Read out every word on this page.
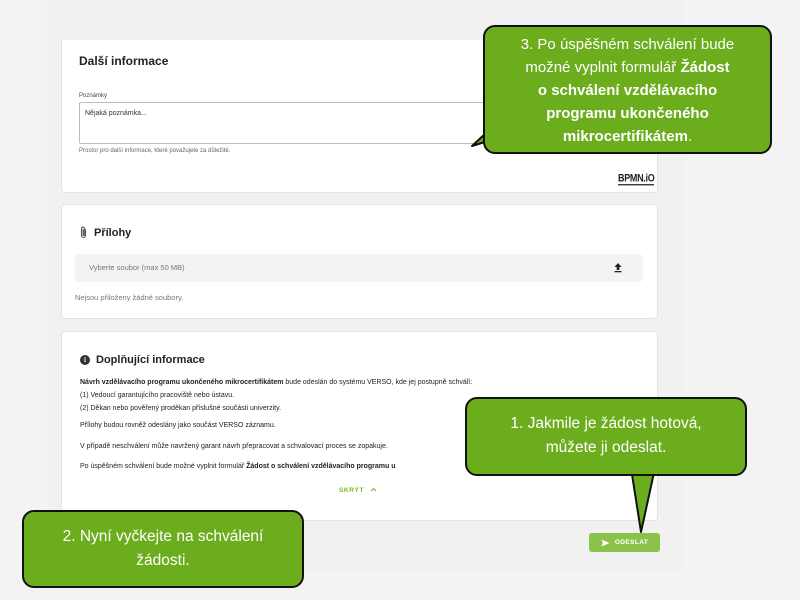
Další informace
Poznámky
Nějaká poznámka...
Prostor pro další informace, které považujete za důležité.
BPMN.iO
Přílohy
Vyberte soubor (max 50 MB)
Nejsou přiloženy žádné soubory.
i Doplňující informace
Návrh vzdělávacího programu ukončeného mikrocertifikátem bude odeslán do systému VERSO, kde jej postupně schválí:
(1) Vedoucí garantujícího pracoviště nebo ústavu.
(2) Děkan nebo pověřený proděkan příslušné součásti univerzity.
Přílohy budou rovněž odeslány jako součást VERSO záznamu.
V případě neschválení může navržený garant návrh přepracovat a schvalovací proces se zopakuje.
Po úspěšném schválení bude možné vyplnit formulář Žádost o schválení vzdělávacího programu u
SKRÝT
ODESLAT
3. Po úspěšném schválení bude
možné vyplnit formulář Žádost
o schválení vzdělávacího
programu ukončeného
mikrocertifikátem.
1. Jakmile je žádost hotová,
můžete ji odeslat.
2. Nyní vyčkejte na schválení
žádosti.
